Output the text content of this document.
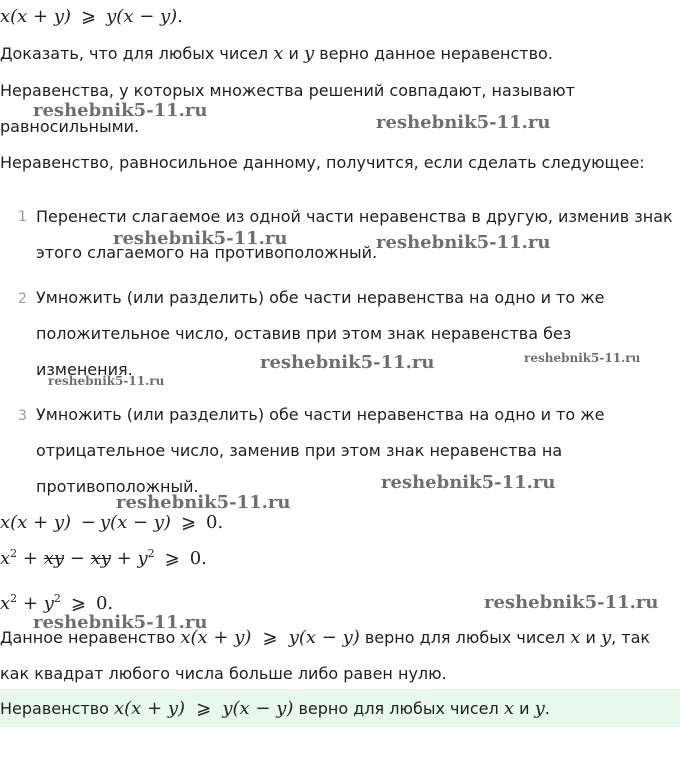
x(x + y) ⩾ y(x − y).
Доказать, что для любых чисел x и y верно данное неравенство.
Неравенства, у которых множества решений совпадают, называют
равносильными.
Неравенство, равносильное данному, получится, если сделать следующее:
1 Перенести слагаемое из одной части неравенства в другую, изменив знак
этого слагаемого на противоположный.
2 Умножить (или разделить) обе части неравенства на одно и то же
положительное число, оставив при этом знак неравенства без
изменения.
3 Умножить (или разделить) обе части неравенства на одно и то же
отрицательное число, заменив при этом знак неравенства на
противоположный.
x(x + y) − y(x − y) ⩾ 0.
$x^2$ + xy − xy + $y^2$ ⩾ 0.
$x^2 + y^2$ ⩾ 0.
Данное неравенство x(x + y) ⩾ y(x − y) верно для любых чисел x и y, так
как квадрат любого числа больше либо равен нулю.
Неравенство x(x + y) ⩾ y(x − y) верно для любых чисел x и y.
reshebnik5-11.ru
reshebnik5-11.ru
reshebnik5-11.ru	reshebnik5-11.ru
reshebnik5-11.ru	reshebnik5-11.ru
reshebnik5-11.ru
reshebnik5-11.ru
reshebnik5-11.ru
reshebnik5-11.ru
reshebnik5-11.ru
